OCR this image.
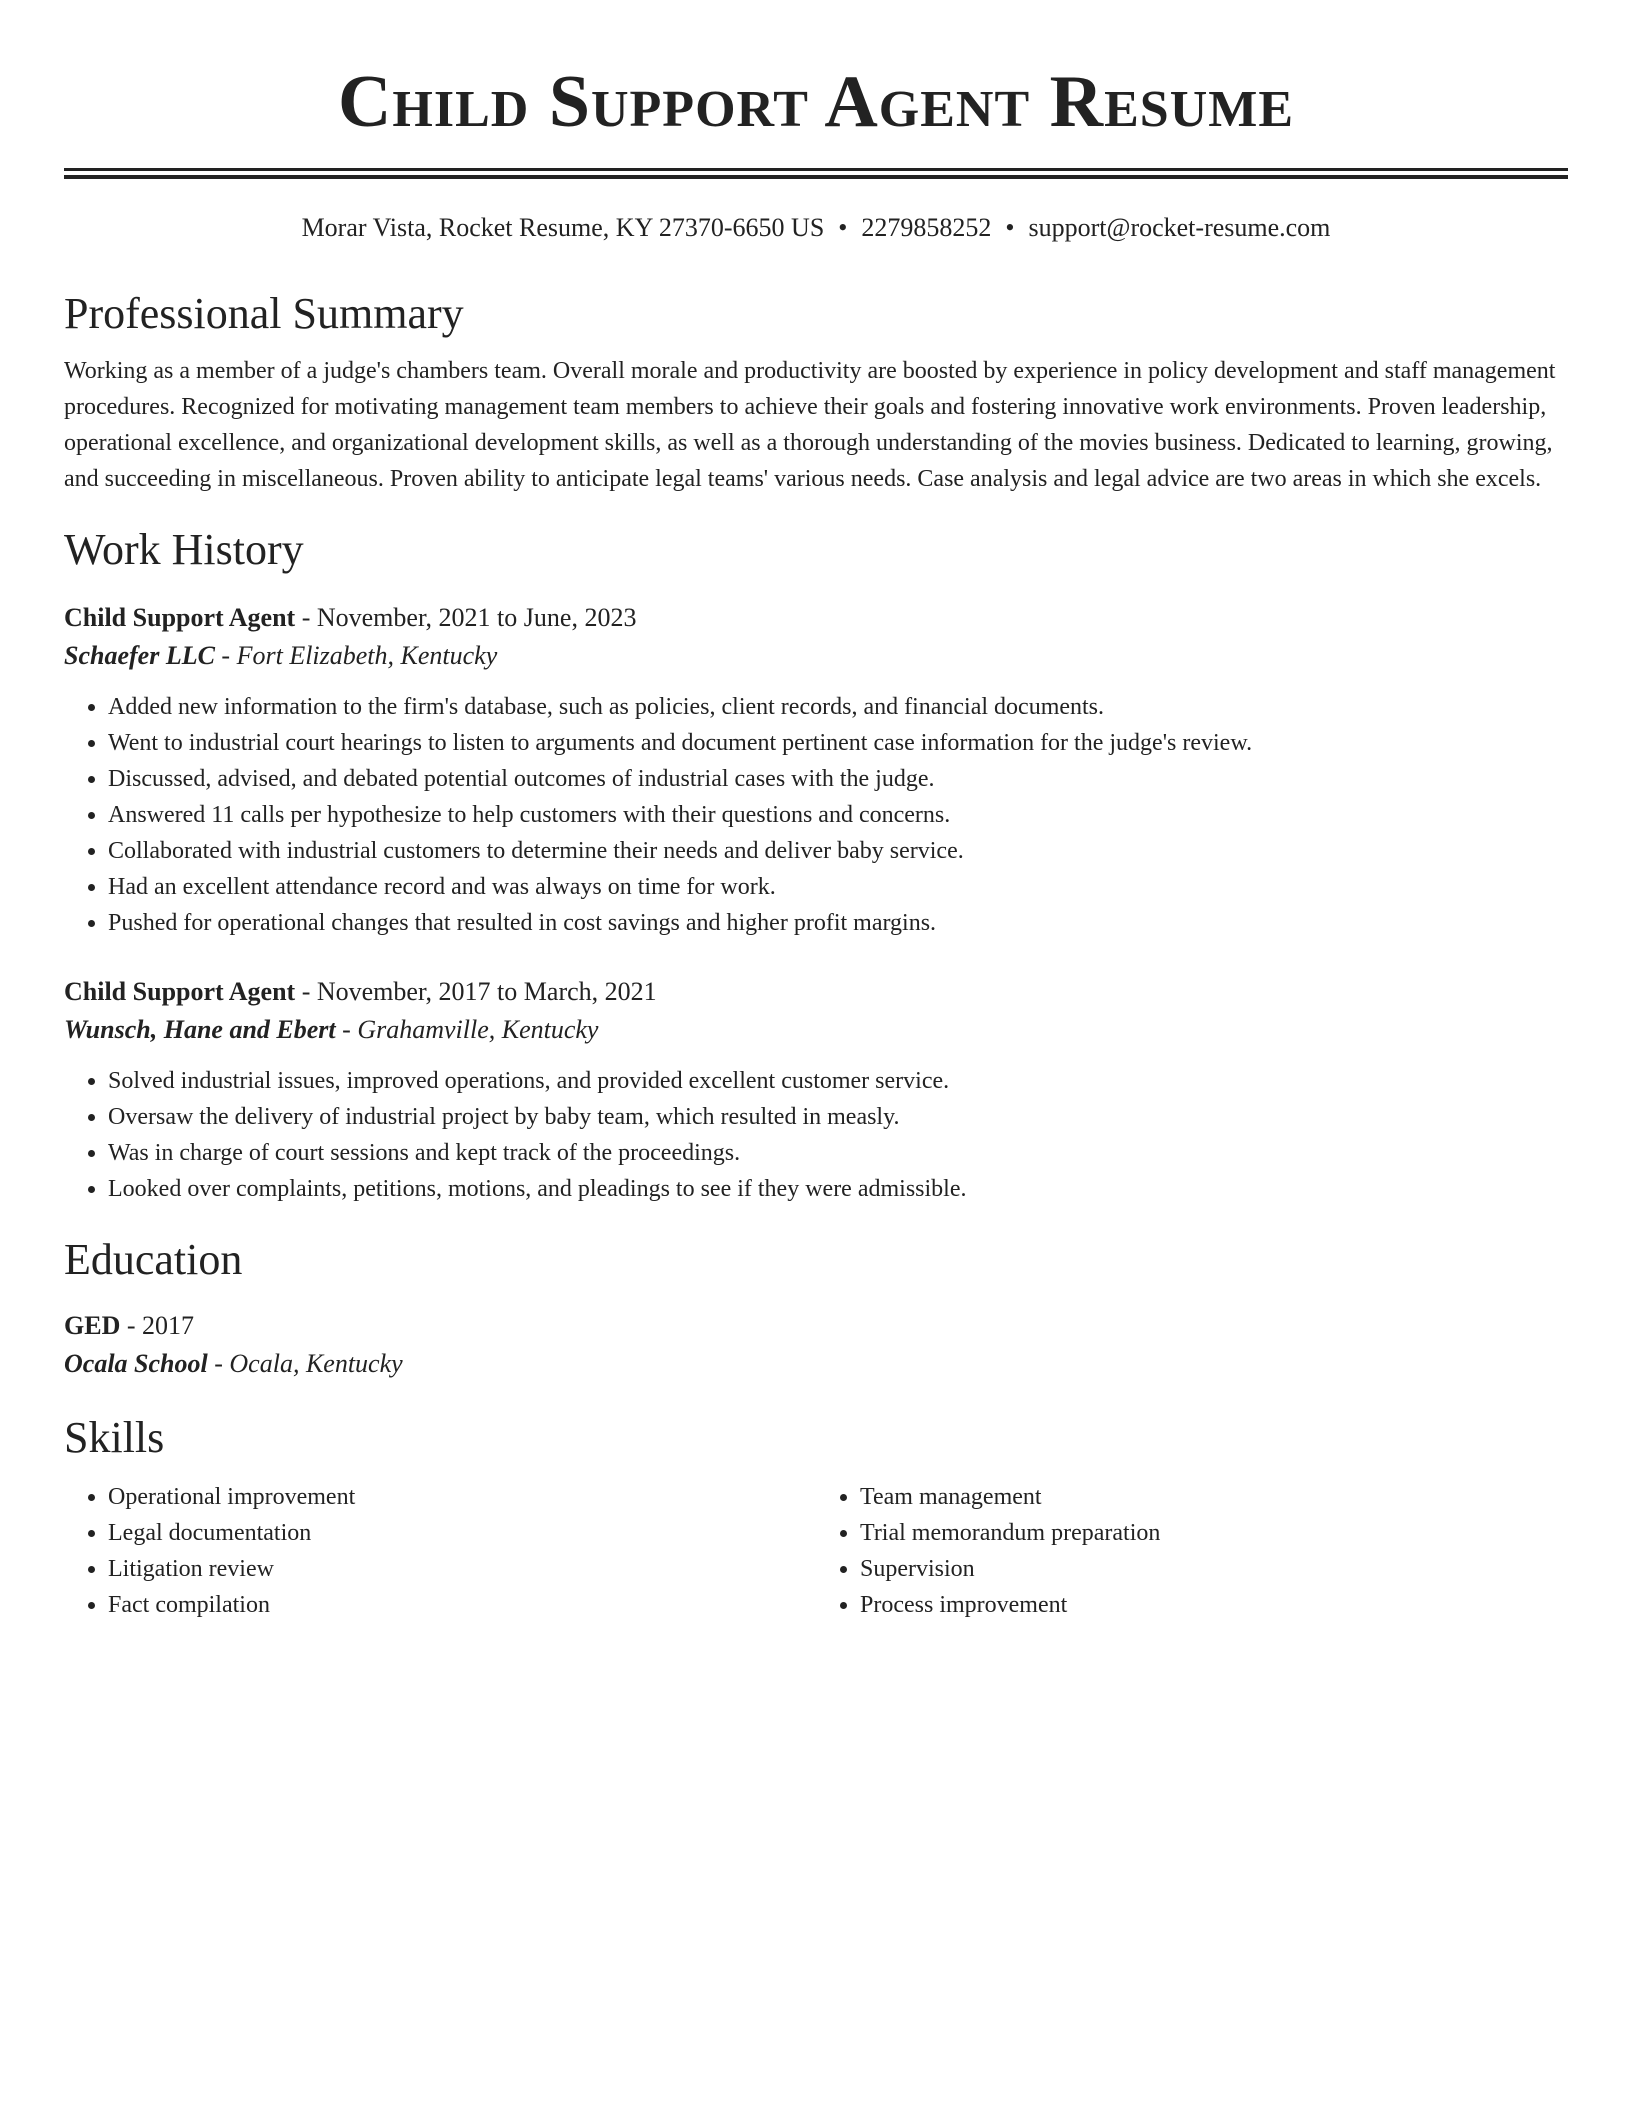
Child Support Agent Resume
Morar Vista, Rocket Resume, KY 27370-6650 US • 2279858252 • support@rocket-resume.com
Professional Summary

Working as a member of a judge's chambers team. Overall morale and productivity are boosted by experience in policy development and staff management procedures. Recognized for motivating management team members to achieve their goals and fostering innovative work environments. Proven leadership, operational excellence, and organizational development skills, as well as a thorough understanding of the movies business. Dedicated to learning, growing, and succeeding in miscellaneous. Proven ability to anticipate legal teams' various needs. Case analysis and legal advice are two areas in which she excels.

Work History
Child Support Agent - November, 2021 to June, 2023
Schaefer LLC - Fort Elizabeth, Kentucky
• Added new information to the firm's database, such as policies, client records, and financial documents.
• Went to industrial court hearings to listen to arguments and document pertinent case information for the judge's review.
• Discussed, advised, and debated potential outcomes of industrial cases with the judge.
• Answered 11 calls per hypothesize to help customers with their questions and concerns.
• Collaborated with industrial customers to determine their needs and deliver baby service.
• Had an excellent attendance record and was always on time for work.
• Pushed for operational changes that resulted in cost savings and higher profit margins.
Child Support Agent - November, 2017 to March, 2021
Wunsch, Hane and Ebert - Grahamville, Kentucky
• Solved industrial issues, improved operations, and provided excellent customer service.
• Oversaw the delivery of industrial project by baby team, which resulted in measly.
• Was in charge of court sessions and kept track of the proceedings.
• Looked over complaints, petitions, motions, and pleadings to see if they were admissible.
Education
GED - 2017
Ocala School - Ocala, Kentucky
Skills
• Operational improvement
• Legal documentation
• Litigation review
• Fact compilation
• Team management
• Trial memorandum preparation
• Supervision
• Process improvement
